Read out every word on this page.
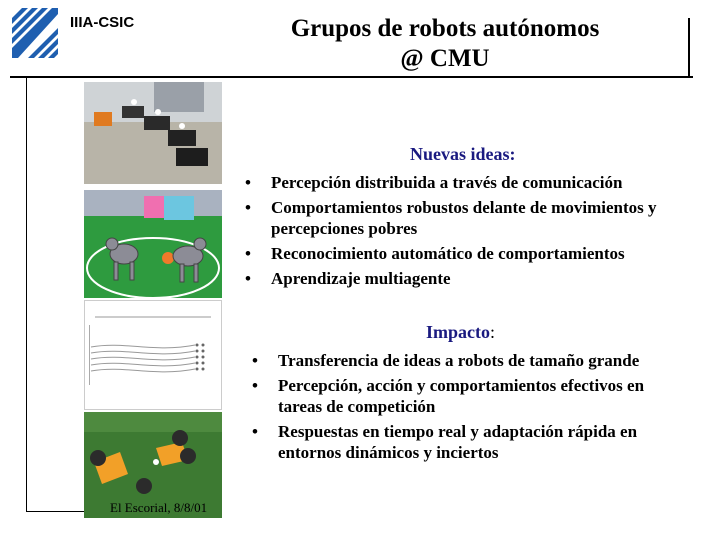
IIIA-CSIC	Grupos de robots autónomos
@ CMU
El Escorial, 8/8/01
Nuevas ideas:
• Percepción distribuida a través de comunicación
• Comportamientos robustos delante de movimientos y percepciones pobres
• Reconocimiento automático de comportamientos
• Aprendizaje multiagente
Impacto:
• Transferencia de ideas a robots de tamaño grande
• Percepción, acción y comportamientos efectivos en tareas de competición
• Respuestas en tiempo real y adaptación rápida en entornos dinámicos y inciertos
